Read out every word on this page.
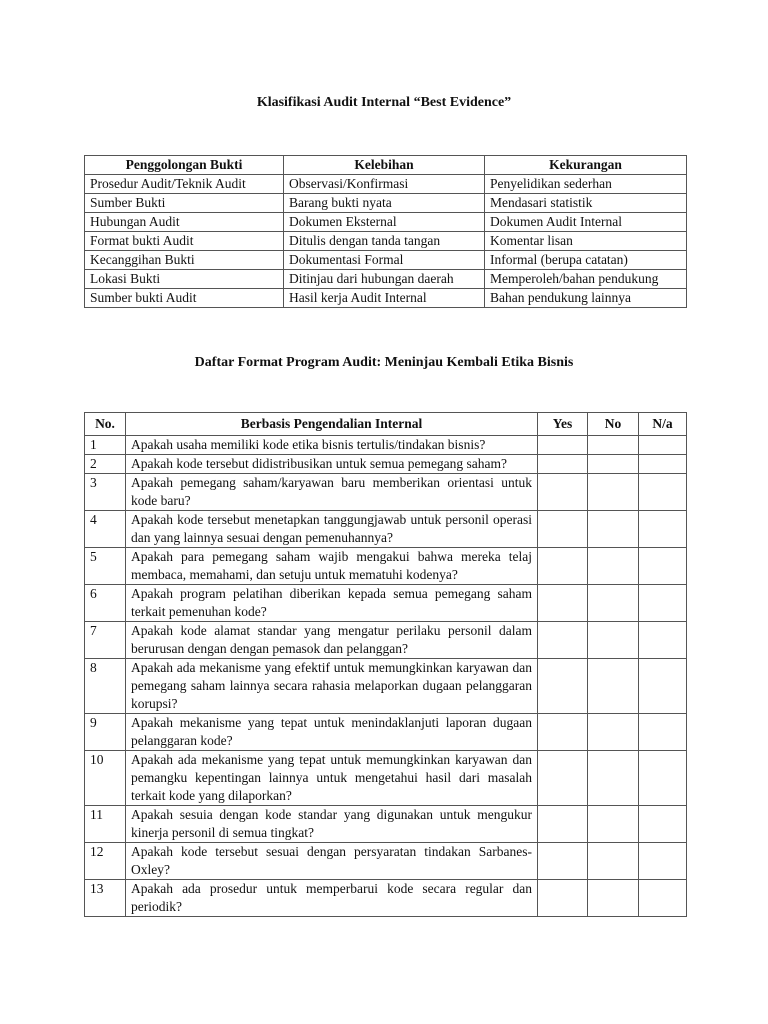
Klasifikasi Audit Internal “Best Evidence”
Penggolongan Bukti	Kelebihan	Kekurangan
Prosedur Audit/Teknik Audit	Observasi/Konfirmasi	Penyelidikan sederhan
Sumber Bukti	Barang bukti nyata	Mendasari statistik
Hubungan Audit	Dokumen Eksternal	Dokumen Audit Internal
Format bukti Audit	Ditulis dengan tanda tangan	Komentar lisan
Kecanggihan Bukti	Dokumentasi Formal	Informal (berupa catatan)
Lokasi Bukti	Ditinjau dari hubungan daerah	Memperoleh/bahan pendukung
Sumber bukti Audit	Hasil kerja Audit Internal	Bahan pendukung lainnya
Daftar Format Program Audit: Meninjau Kembali Etika Bisnis
No.	Berbasis Pengendalian Internal	Yes	No	N/a
1	Apakah usaha memiliki kode etika bisnis tertulis/tindakan bisnis?			
2	Apakah kode tersebut didistribusikan untuk semua pemegang saham?			
3	Apakah pemegang saham/karyawan baru memberikan orientasi untuk kode baru?			
4	Apakah kode tersebut menetapkan tanggungjawab untuk personil operasi dan yang lainnya sesuai dengan pemenuhannya?			
5	Apakah para pemegang saham wajib mengakui bahwa mereka telaj membaca, memahami, dan setuju untuk mematuhi kodenya?			
6	Apakah program pelatihan diberikan kepada semua pemegang saham terkait pemenuhan kode?			
7	Apakah kode alamat standar yang mengatur perilaku personil dalam berurusan dengan dengan pemasok dan pelanggan?			
8	Apakah ada mekanisme yang efektif untuk memungkinkan karyawan dan pemegang saham lainnya secara rahasia melaporkan dugaan pelanggaran korupsi?			
9	Apakah mekanisme yang tepat untuk menindaklanjuti laporan dugaan pelanggaran kode?			
10	Apakah ada mekanisme yang tepat untuk memungkinkan karyawan dan pemangku kepentingan lainnya untuk mengetahui hasil dari masalah terkait kode yang dilaporkan?			
11	Apakah sesuia dengan kode standar yang digunakan untuk mengukur kinerja personil di semua tingkat?			
12	Apakah kode tersebut sesuai dengan persyaratan tindakan Sarbanes-Oxley?			
13	Apakah ada prosedur untuk memperbarui kode secara regular dan periodik?			
